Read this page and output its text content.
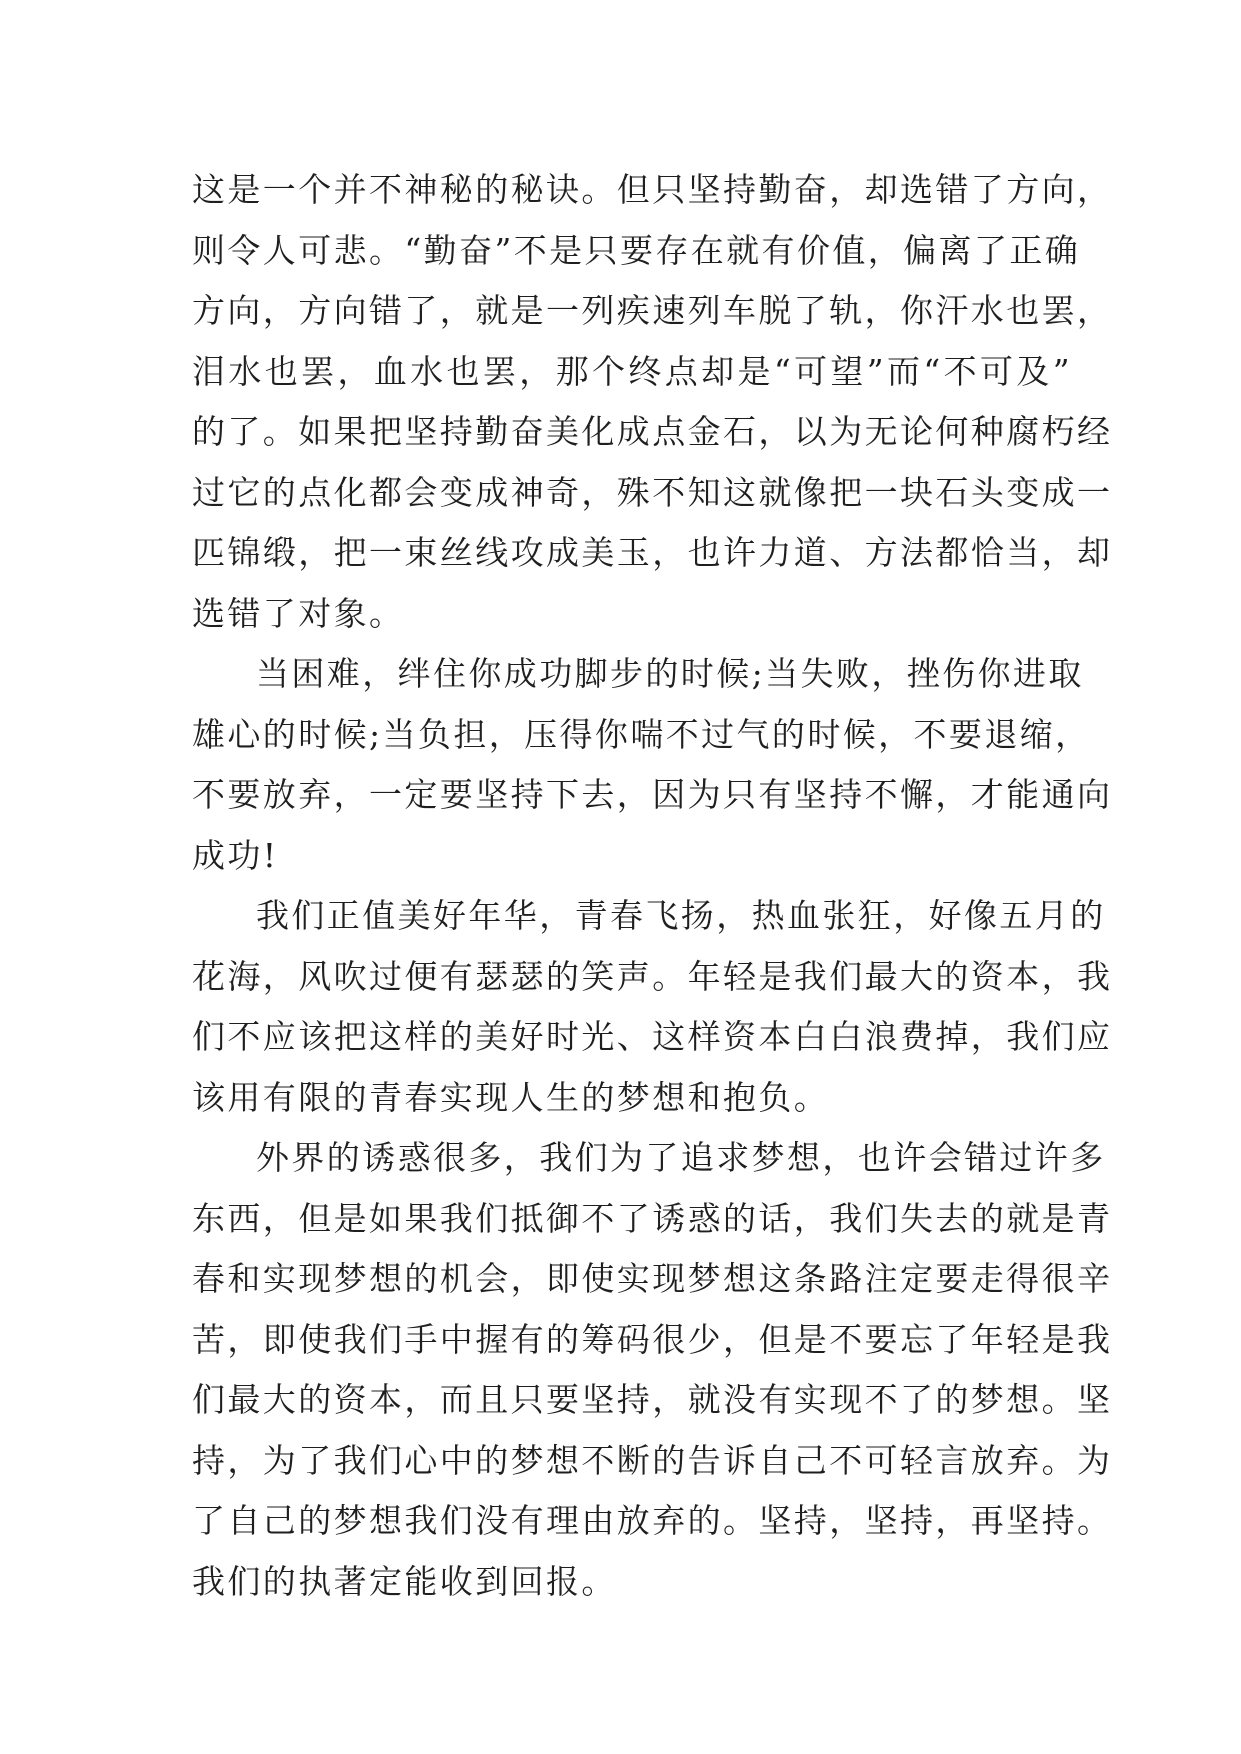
这是一个并不神秘的秘诀。但只坚持勤奋，却选错了方向，
则令人可悲。“勤奋”不是只要存在就有价值，偏离了正确
方向，方向错了，就是一列疾速列车脱了轨，你汗水也罢，
泪水也罢，血水也罢，那个终点却是“可望”而“不可及”
的了。如果把坚持勤奋美化成点金石，以为无论何种腐朽经
过它的点化都会变成神奇，殊不知这就像把一块石头变成一
匹锦缎，把一束丝线攻成美玉，也许力道、方法都恰当，却
选错了对象。
当困难，绊住你成功脚步的时候;当失败，挫伤你进取
雄心的时候;当负担，压得你喘不过气的时候，不要退缩，
不要放弃，一定要坚持下去，因为只有坚持不懈，才能通向
成功!
我们正值美好年华，青春飞扬，热血张狂，好像五月的
花海，风吹过便有瑟瑟的笑声。年轻是我们最大的资本，我
们不应该把这样的美好时光、这样资本白白浪费掉，我们应
该用有限的青春实现人生的梦想和抱负。
外界的诱惑很多，我们为了追求梦想，也许会错过许多
东西，但是如果我们抵御不了诱惑的话，我们失去的就是青
春和实现梦想的机会，即使实现梦想这条路注定要走得很辛
苦，即使我们手中握有的筹码很少，但是不要忘了年轻是我
们最大的资本，而且只要坚持，就没有实现不了的梦想。坚
持，为了我们心中的梦想不断的告诉自己不可轻言放弃。为
了自己的梦想我们没有理由放弃的。坚持，坚持，再坚持。
我们的执著定能收到回报。
